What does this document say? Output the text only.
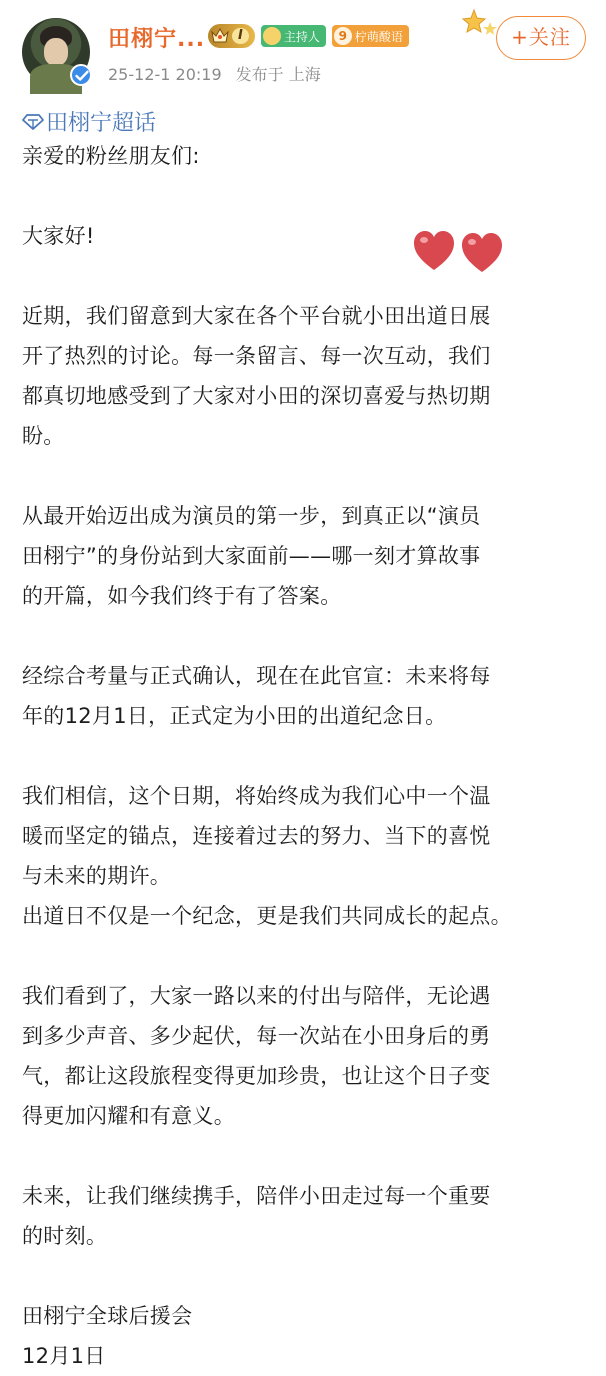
田栩宁...	I	主持人	9 柠萌酸语	+关注
25-12-1 20:19 发布于 上海
田栩宁超话
亲爱的粉丝朋友们:
大家好!
近期，我们留意到大家在各个平台就小田出道日展
开了热烈的讨论。每一条留言、每一次互动，我们
都真切地感受到了大家对小田的深切喜爱与热切期
盼。
从最开始迈出成为演员的第一步，到真正以“演员
田栩宁”的身份站到大家面前——哪一刻才算故事
的开篇，如今我们终于有了答案。
经综合考量与正式确认，现在在此官宣：未来将每
年的12月1日，正式定为小田的出道纪念日。
我们相信，这个日期，将始终成为我们心中一个温
暖而坚定的锚点，连接着过去的努力、当下的喜悦
与未来的期许。
出道日不仅是一个纪念，更是我们共同成长的起点。
我们看到了，大家一路以来的付出与陪伴，无论遇
到多少声音、多少起伏，每一次站在小田身后的勇
气，都让这段旅程变得更加珍贵，也让这个日子变
得更加闪耀和有意义。
未来，让我们继续携手，陪伴小田走过每一个重要
的时刻。
田栩宁全球后援会
12月1日
